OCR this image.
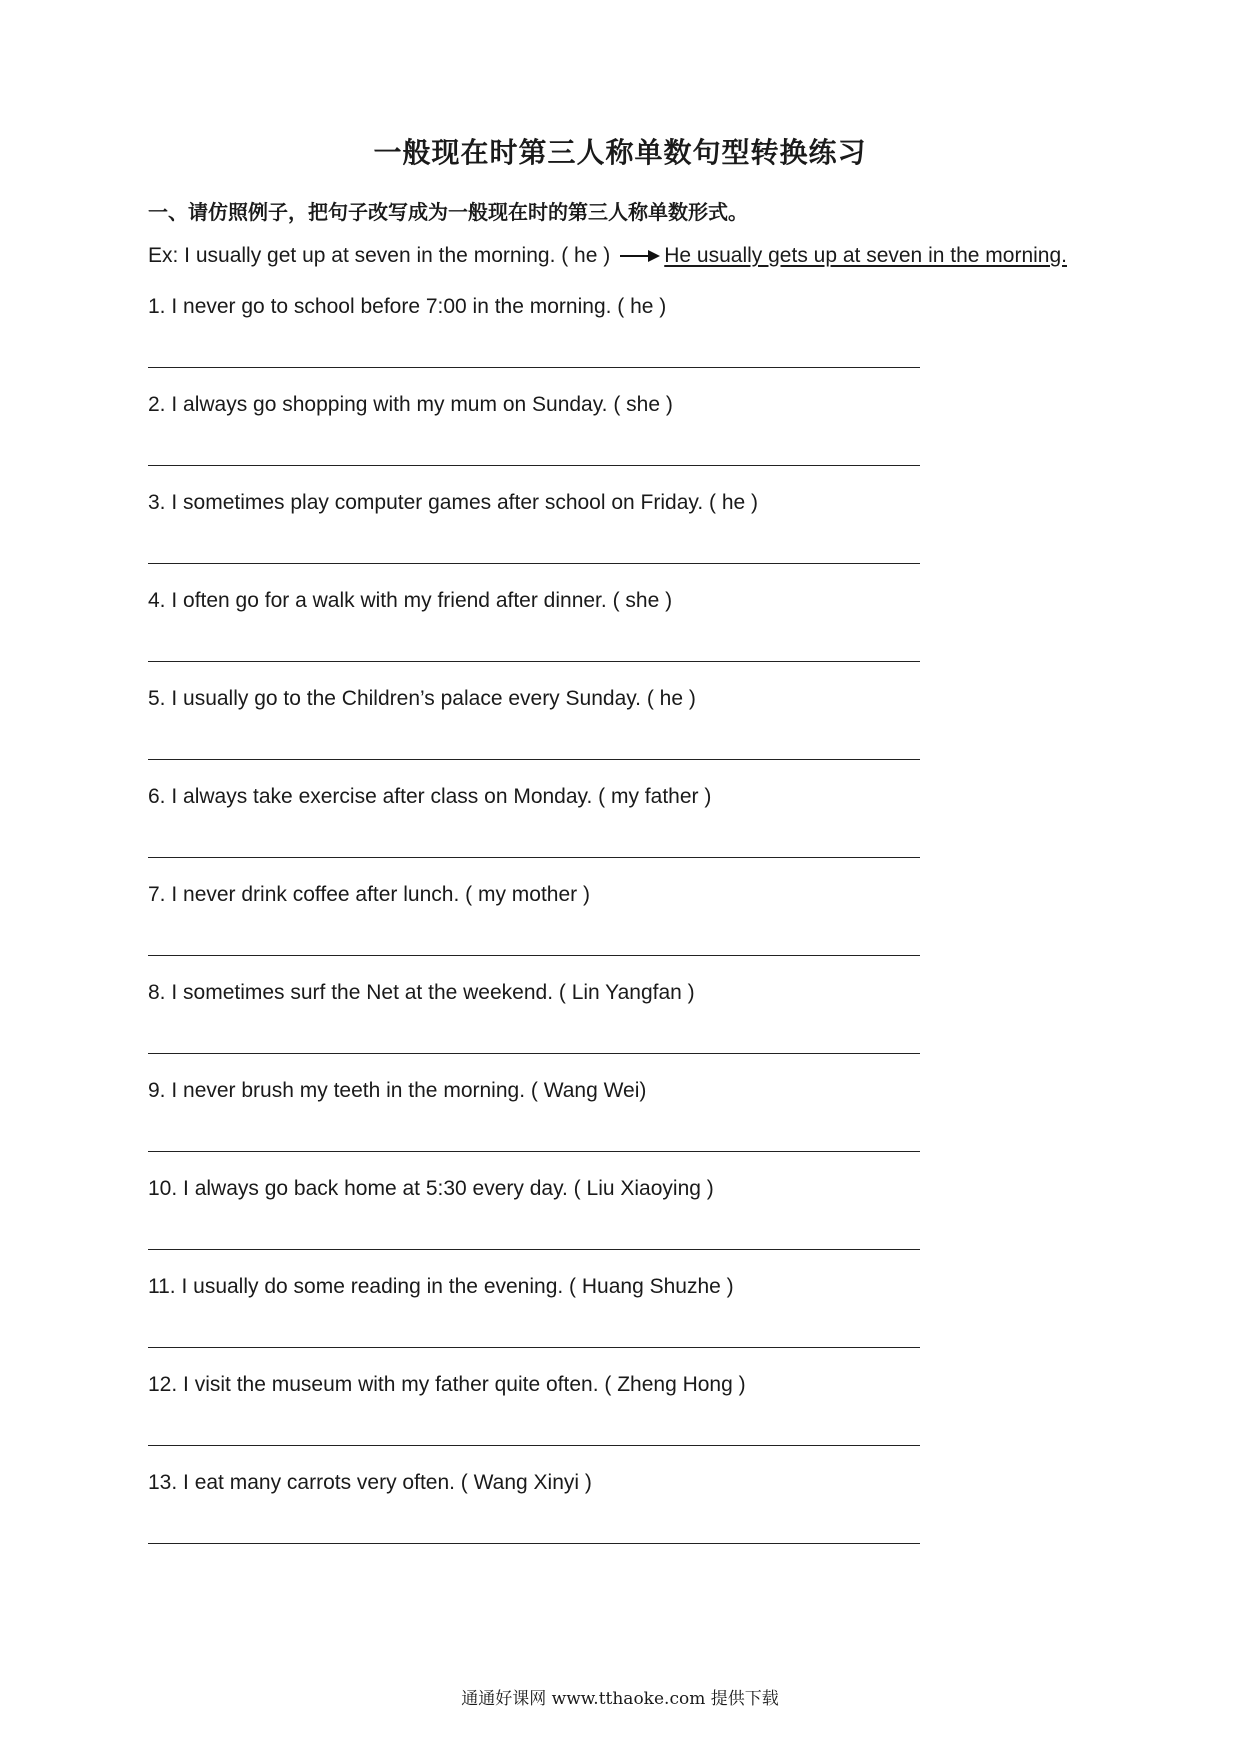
一般现在时第三人称单数句型转换练习
一、请仿照例子，把句子改写成为一般现在时的第三人称单数形式。
Ex: I usually get up at seven in the morning. ( he )	He usually gets up at seven in the morning.
1. I never go to school before 7:00 in the morning. ( he )
2. I always go shopping with my mum on Sunday. ( she )
3. I sometimes play computer games after school on Friday. ( he )
4. I often go for a walk with my friend after dinner. ( she )
5. I usually go to the Children’s palace every Sunday. ( he )
6. I always take exercise after class on Monday. ( my father )
7. I never drink coffee after lunch. ( my mother )
8. I sometimes surf the Net at the weekend. ( Lin Yangfan )
9. I never brush my teeth in the morning. ( Wang Wei)
10. I always go back home at 5:30 every day. ( Liu Xiaoying )
11. I usually do some reading in the evening. ( Huang Shuzhe )
12. I visit the museum with my father quite often. ( Zheng Hong )
13. I eat many carrots very often. ( Wang Xinyi )
通通好课网 www.tthaoke.com 提供下载
